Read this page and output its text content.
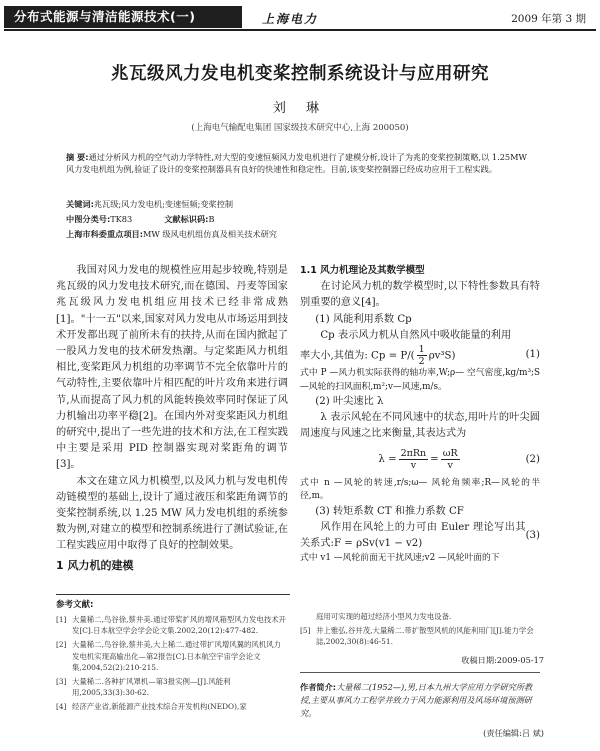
分布式能源与清洁能源技术(一)	上海电力	2009 年第 3 期
兆瓦级风力发电机变桨控制系统设计与应用研究
刘 琳
(上海电气输配电集团 国家级技术研究中心,上海 200050)
摘 要:通过分析风力机的空气动力学特性,对大型的变速恒频风力发电机进行了建模分析,设计了为兆的变桨控制策略,以 1.25MW 风力发电机组为例,验证了设计的变桨控制器具有良好的快速性和稳定性。目前,该变桨控制器已经成功应用于工程实践。
关键词:兆瓦级;风力发电机;变速恒频;变桨控制
中图分类号:TK83	文献标识码:B
上海市科委重点项目:MW 级风电机组仿真及相关技术研究

我国对风力发电的规模性应用起步较晚,特别是兆瓦级的风力发电技术研究,而在德国、丹麦等国家兆瓦级风力发电机组应用技术已经非常成熟[1]。"十一五"以来,国家对风力发电从市场运用到技术开发都出现了前所未有的扶持,从而在国内掀起了一股风力发电的技术研发热潮。与定桨距风力机组相比,变桨距风力机组的功率调节不完全依靠叶片的气动特性,主要依靠叶片相匹配的叶片攻角来进行调节,从而提高了风力机的风能转换效率同时保证了风力机输出功率平稳[2]。在国内外对变桨距风力机组的研究中,提出了一些先进的技术和方法,在工程实践中主要是采用 PID 控制器实现对桨距角的调节[3]。

本文在建立风力机模型,以及风力机与发电机传动链模型的基础上,设计了通过液压和桨距角调节的变桨控制系统,以 1.25 MW 风力发电机组的系统参数为例,对建立的模型和控制系统进行了测试验证,在工程实践应用中取得了良好的控制效果。

1 风力机的建模
1.1 风力机理论及其数学模型

在讨论风力机的数学模型时,以下特性参数具有特别重要的意义[4]。

(1) 风能利用系数 Cp

Cp 表示风力机从自然风中吸收能量的利用

率大小,其值为: $Cp = P/( \frac{1}{2} \rho v^3S)$	(1)

式中 P —风力机实际获得的轴功率,W;ρ— 空气密度,kg/m³;S—风轮的扫风面积,m²;v—风速,m/s。

(2) 叶尖速比 λ

λ 表示风轮在不同风速中的状态,用叶片的叶尖圆周速度与风速之比来衡量,其表达式为

$\lambda = \frac{\text{2πRn}}{v} = \frac{\omega R}{v}$	(2)

式中 n —风轮的转速,r/s;ω— 风轮角频率;R—风轮的半径,m。

(3) 转矩系数 CT 和推力系数 CF
风作用在风轮上的力可由 Euler 理论写出其关系式:F = ρSv(v1 − v2)
(3)

式中 v1 —风轮前面无干扰风速;v2 —风轮叶面的下

参考文献:
[1] 大量稀二,鸟谷徐,蔡井美.通过带桨扩风的增风箱型风力发电技术开发[C].日本航空学会学会论文集.2002,20(12):477-482.
[2] 大量稀二,鸟谷徐,蔡井美,大上稀二.通过带扩风增风翼的风机风力发电机实现高输出化—第2报告[C].日本航空宇宙学会论文集,2004,52(2):210-215.
[3] 大量稀二.各种扩风罩机—第3报实例—[J].风能利用,2005,33(3):30-62.
[4] 经济产业省,新能源产业技术综合开发机构(NEDO),家
庭用可实现的超过经济小型风力发电设备.
[5] 井上雅弘,谷井茂,大量稀二.带扩散型风机的风能利用门[J].能力学会誌,2002,30(8):46-51.
收稿日期:2009-05-17
作者简介:大量稀二(1952—),男,日本九州大学应用力学研究所教授,主要从事风力工程学并致力于风力能源利用及风场环境预测研究。
(责任编辑:吕 斌)
